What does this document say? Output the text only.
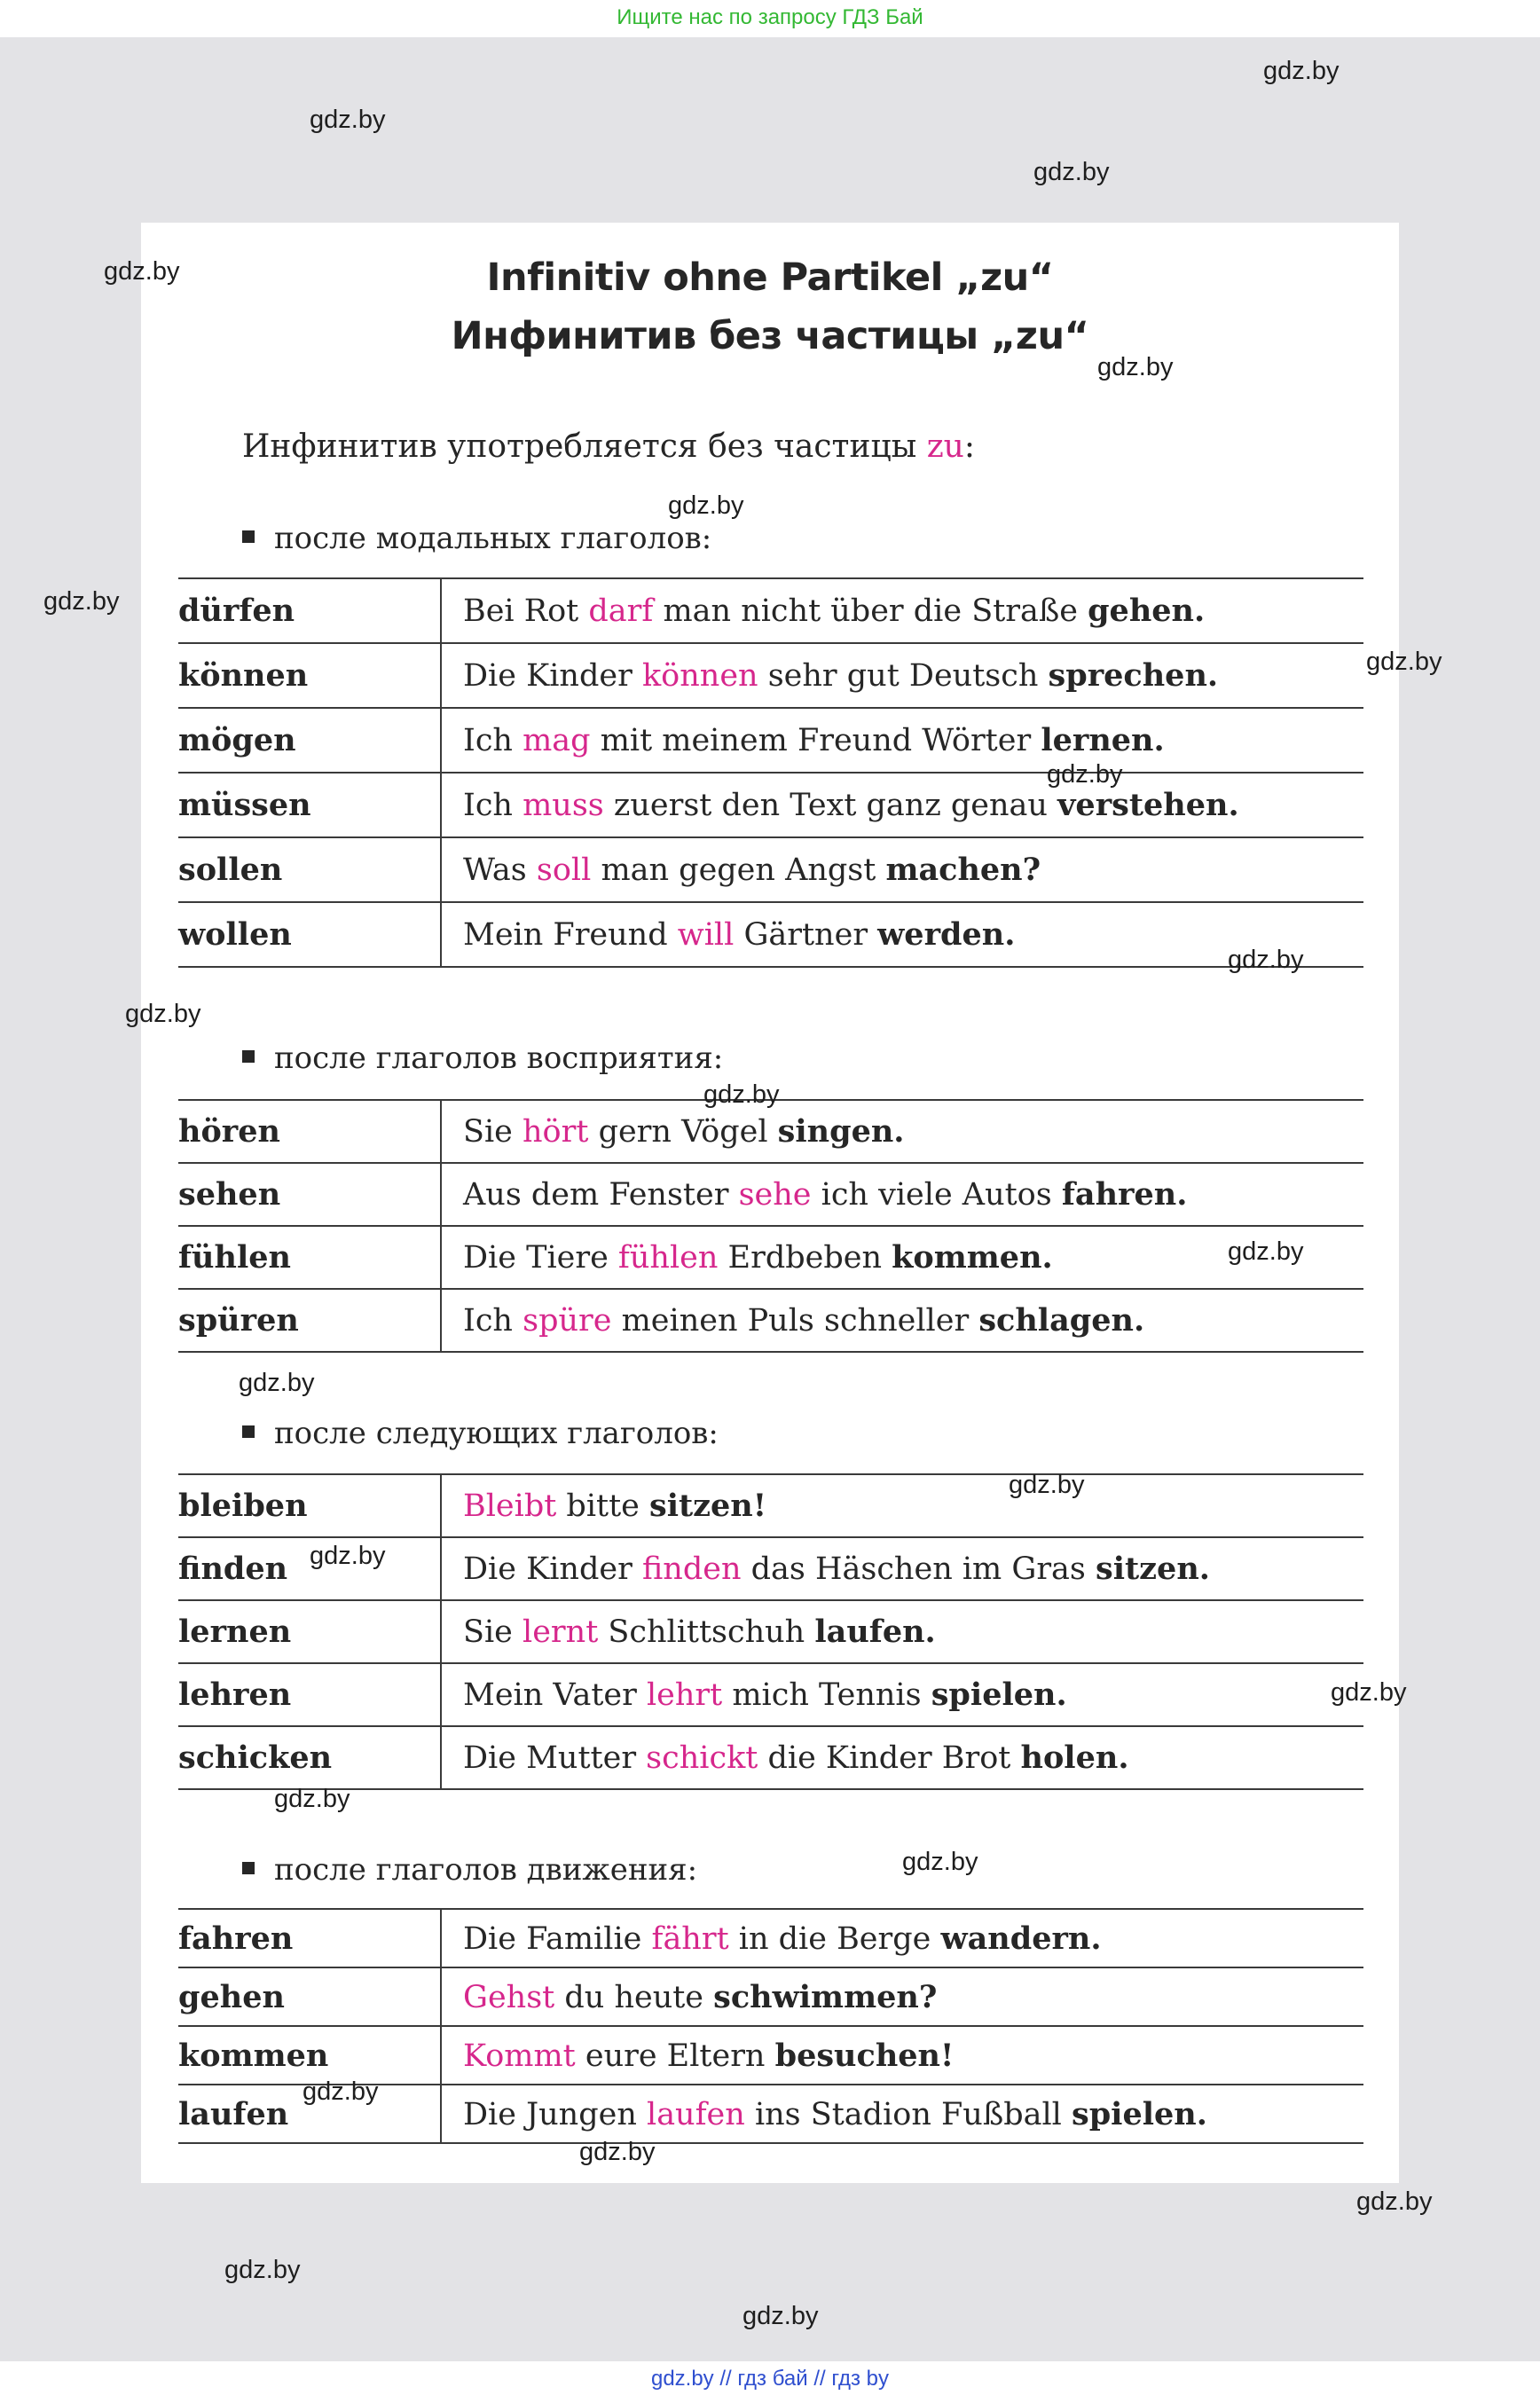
Ищите нас по запросу ГДЗ Бай
Infinitiv ohne Partikel „zu“
Инфинитив без частицы „zu“
Инфинитив употребляется без частицы zu:
после модальных глаголов:
dürfen	Bei Rot darf man nicht über die Straße gehen.
können	Die Kinder können sehr gut Deutsch sprechen.
mögen	Ich mag mit meinem Freund Wörter lernen.
müssen	Ich muss zuerst den Text ganz genau verstehen.
sollen	Was soll man gegen Angst machen?
wollen	Mein Freund will Gärtner werden.
после глаголов восприятия:
hören	Sie hört gern Vögel singen.
sehen	Aus dem Fenster sehe ich viele Autos fahren.
fühlen	Die Tiere fühlen Erdbeben kommen.
spüren	Ich spüre meinen Puls schneller schlagen.
после следующих глаголов:
bleiben	Bleibt bitte sitzen!
finden	Die Kinder finden das Häschen im Gras sitzen.
lernen	Sie lernt Schlittschuh laufen.
lehren	Mein Vater lehrt mich Tennis spielen.
schicken	Die Mutter schickt die Kinder Brot holen.
после глаголов движения:
fahren	Die Familie fährt in die Berge wandern.
gehen	Gehst du heute schwimmen?
kommen	Kommt eure Eltern besuchen!
laufen	Die Jungen laufen ins Stadion Fußball spielen.
gdz.by
gdz.by
gdz.by
gdz.by
gdz.by
gdz.by
gdz.by
gdz.by
gdz.by
gdz.by
gdz.by
gdz.by
gdz.by
gdz.by
gdz.by
gdz.by
gdz.by
gdz.by
gdz.by
gdz.by
gdz.by
gdz.by
gdz.by
gdz.by
gdz.by // гдз бай // гдз by
